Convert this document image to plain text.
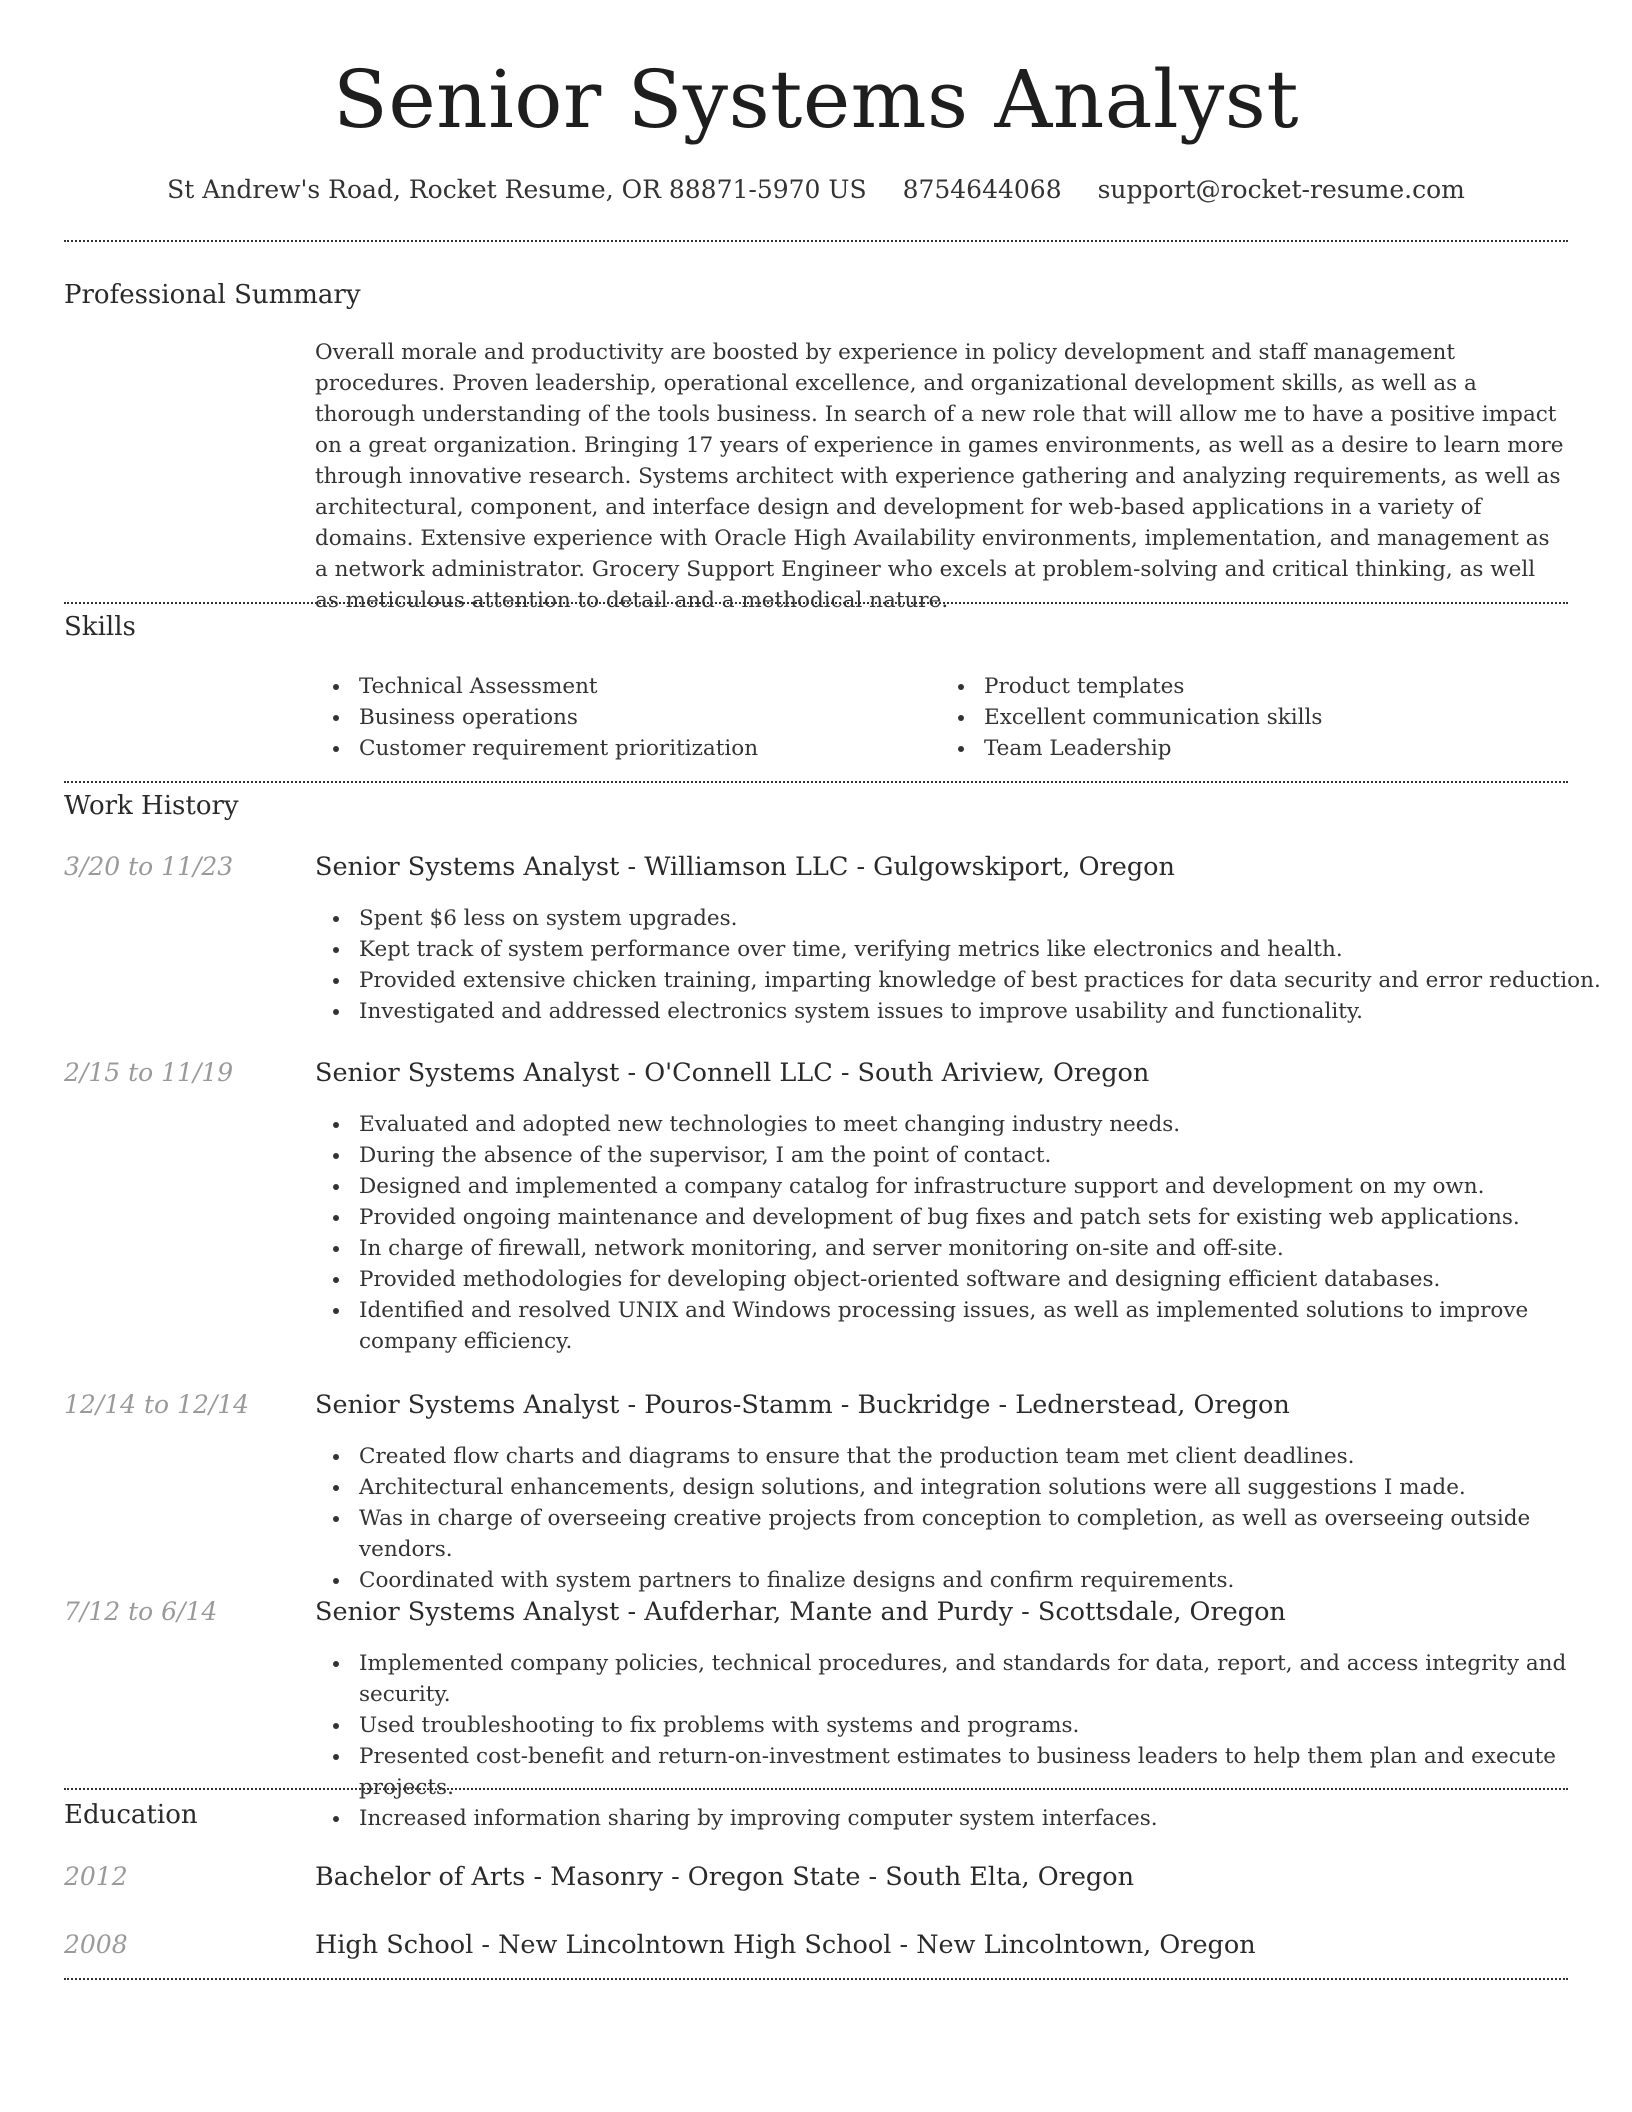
Senior Systems Analyst
St Andrew's Road, Rocket Resume, OR 88871-5970 US 8754644068 support@rocket-resume.com
Professional Summary

Overall morale and productivity are boosted by experience in policy development and staff management procedures. Proven leadership, operational excellence, and organizational development skills, as well as a thorough understanding of the tools business. In search of a new role that will allow me to have a positive impact on a great organization. Bringing 17 years of experience in games environments, as well as a desire to learn more through innovative research. Systems architect with experience gathering and analyzing requirements, as well as architectural, component, and interface design and development for web-based applications in a variety of domains. Extensive experience with Oracle High Availability environments, implementation, and management as a network administrator. Grocery Support Engineer who excels at problem-solving and critical thinking, as well as meticulous attention to detail and a methodical nature.

Skills
Technical Assessment
Business operations
Customer requirement prioritization
Product templates
Excellent communication skills
Team Leadership
Work History
3/20 to 11/23	Senior Systems Analyst - Williamson LLC - Gulgowskiport, Oregon
Spent $6 less on system upgrades.
Kept track of system performance over time, verifying metrics like electronics and health.
Provided extensive chicken training, imparting knowledge of best practices for data security and error reduction.
Investigated and addressed electronics system issues to improve usability and functionality.
2/15 to 11/19	Senior Systems Analyst - O'Connell LLC - South Ariview, Oregon
Evaluated and adopted new technologies to meet changing industry needs.
During the absence of the supervisor, I am the point of contact.
Designed and implemented a company catalog for infrastructure support and development on my own.
Provided ongoing maintenance and development of bug fixes and patch sets for existing web applications.
In charge of firewall, network monitoring, and server monitoring on-site and off-site.
Provided methodologies for developing object-oriented software and designing efficient databases.
Identified and resolved UNIX and Windows processing issues, as well as implemented solutions to improve company efficiency.
12/14 to 12/14	Senior Systems Analyst - Pouros-Stamm - Buckridge - Lednerstead, Oregon
Created flow charts and diagrams to ensure that the production team met client deadlines.
Architectural enhancements, design solutions, and integration solutions were all suggestions I made.
Was in charge of overseeing creative projects from conception to completion, as well as overseeing outside vendors.
Coordinated with system partners to finalize designs and confirm requirements.
7/12 to 6/14	Senior Systems Analyst - Aufderhar, Mante and Purdy - Scottsdale, Oregon
Implemented company policies, technical procedures, and standards for data, report, and access integrity and security.
Used troubleshooting to fix problems with systems and programs.
Presented cost-benefit and return-on-investment estimates to business leaders to help them plan and execute projects.
Increased information sharing by improving computer system interfaces.
Education
2012	Bachelor of Arts - Masonry - Oregon State - South Elta, Oregon
2008	High School - New Lincolntown High School - New Lincolntown, Oregon
